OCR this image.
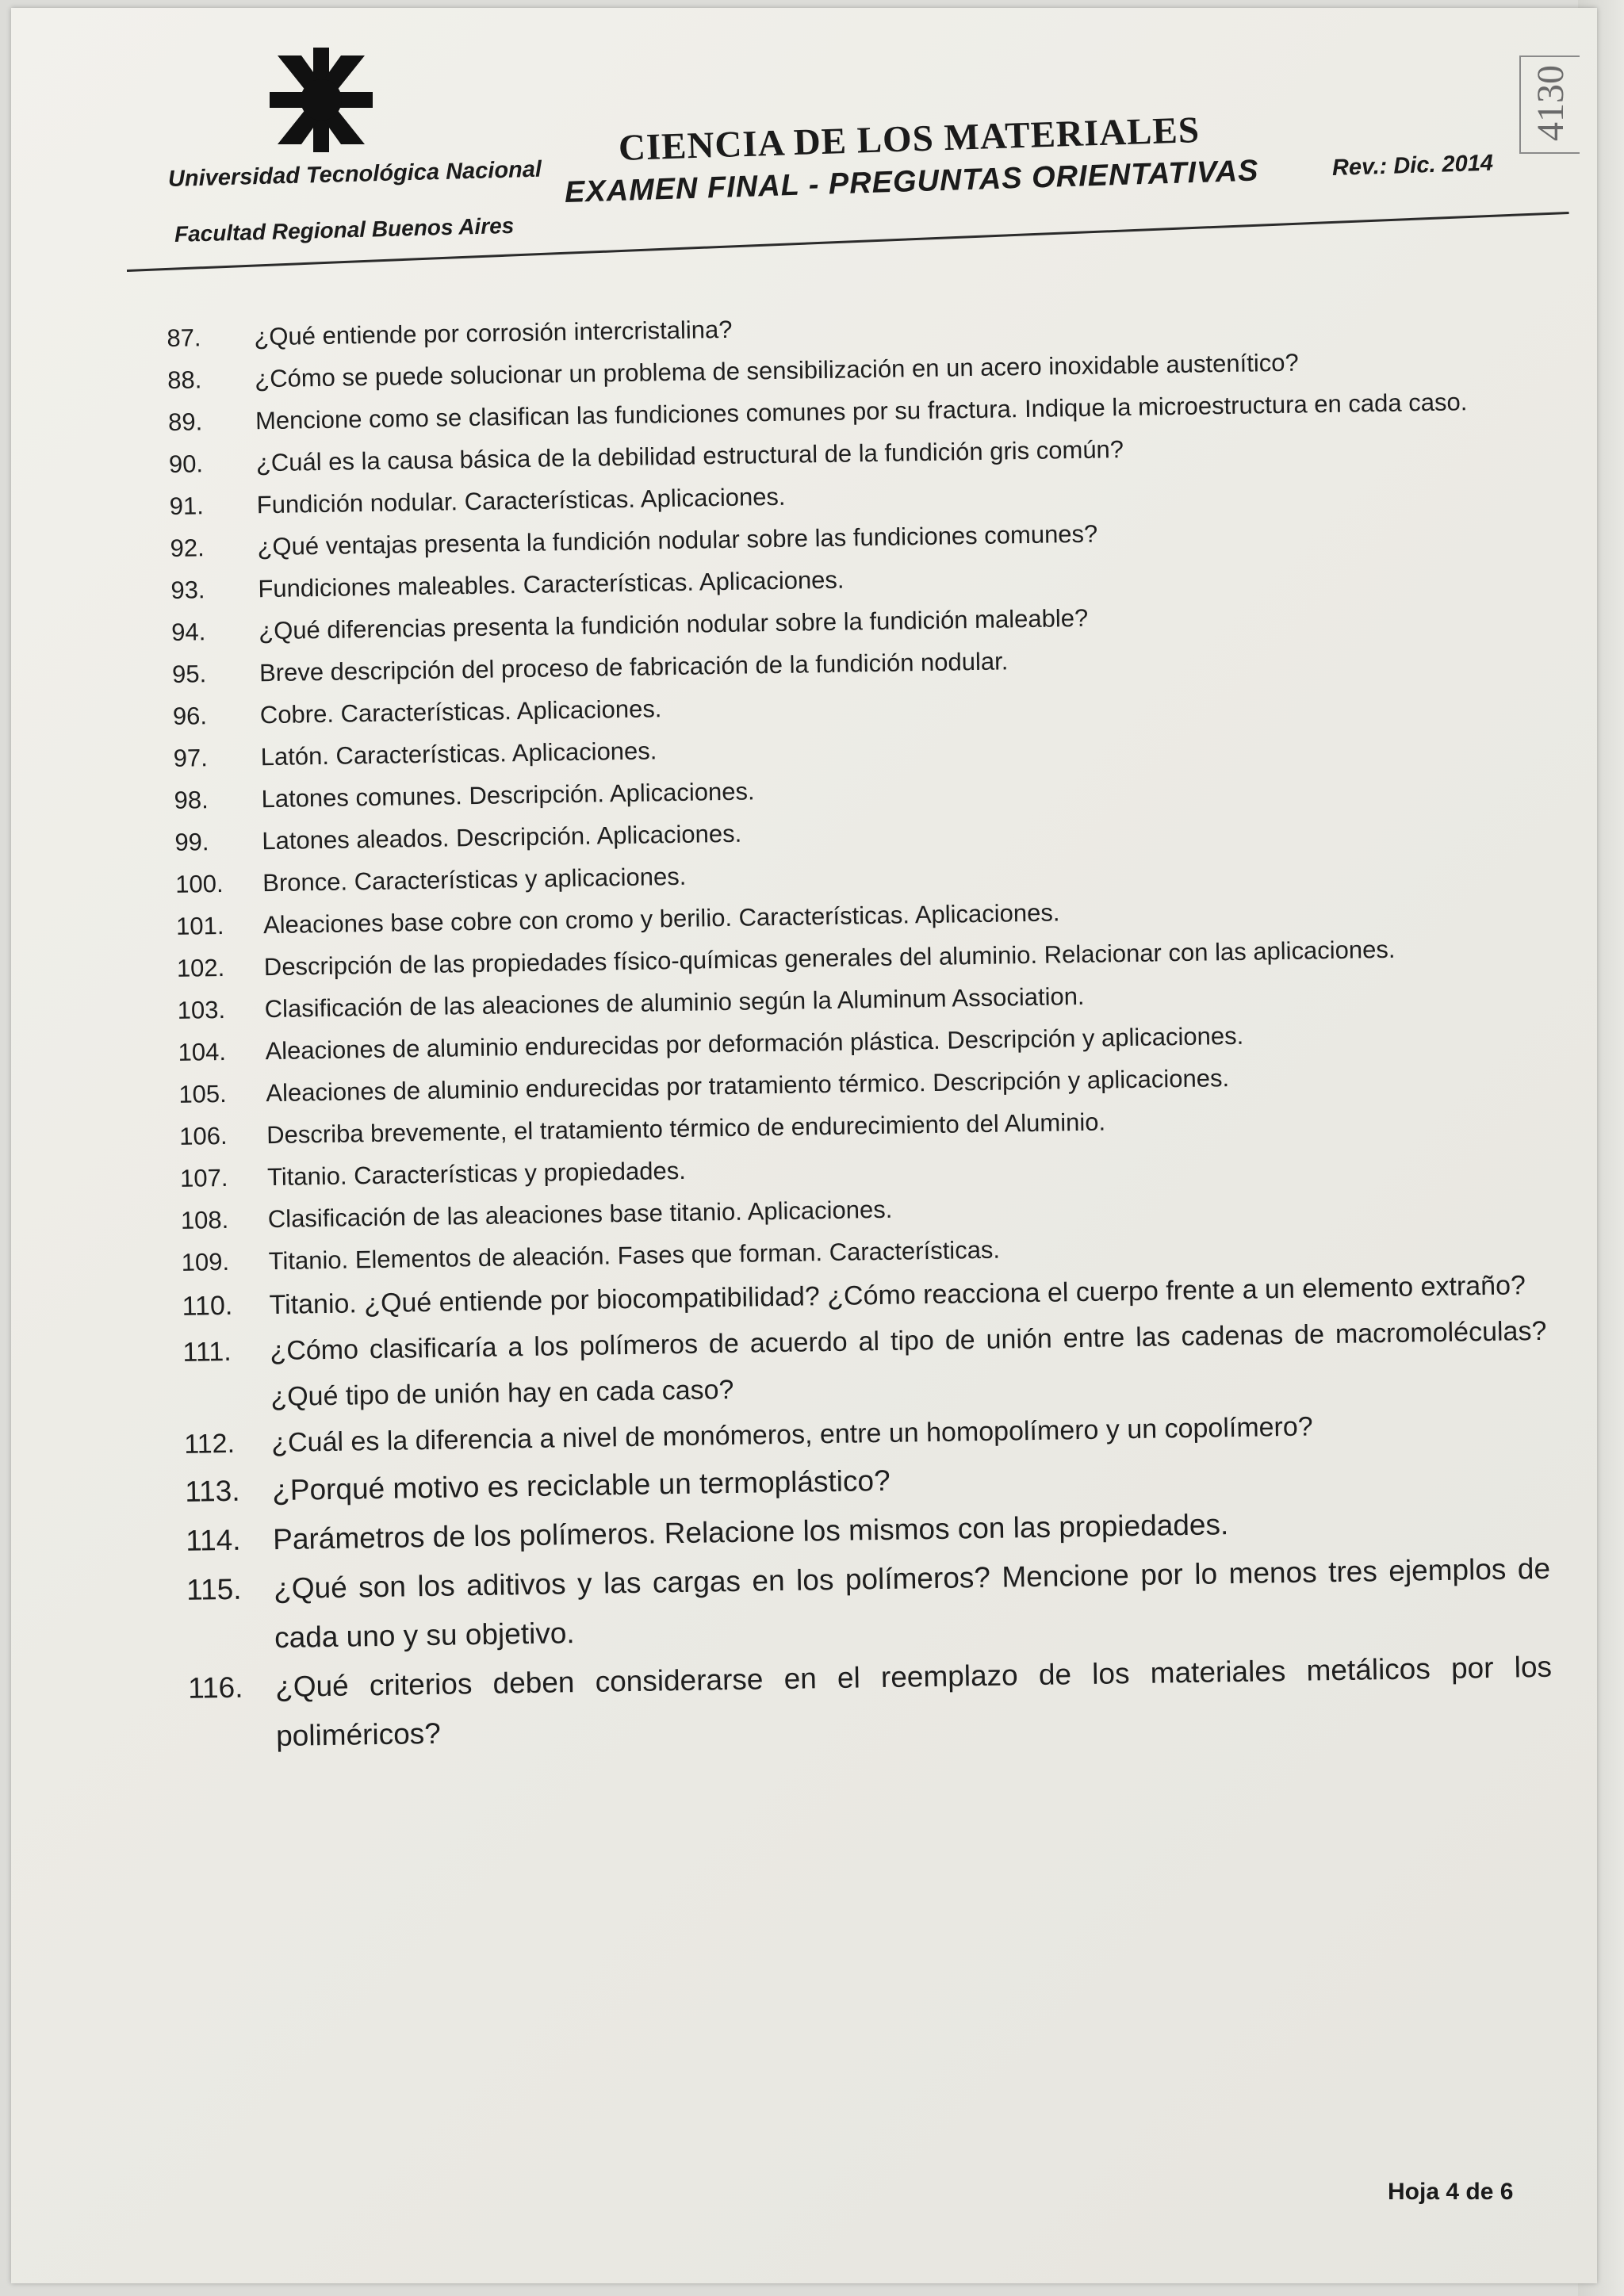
4130
Universidad Tecnológica Nacional
Facultad Regional Buenos Aires
CIENCIA DE LOS MATERIALES
EXAMEN FINAL - PREGUNTAS ORIENTATIVAS	Rev.: Dic. 2014
87.	¿Qué entiende por corrosión intercristalina?
88.	¿Cómo se puede solucionar un problema de sensibilización en un acero inoxidable austenítico?
89.	Mencione como se clasifican las fundiciones comunes por su fractura. Indique la microestructura en cada caso.
90.	¿Cuál es la causa básica de la debilidad estructural de la fundición gris común?
91.	Fundición nodular. Características. Aplicaciones.
92.	¿Qué ventajas presenta la fundición nodular sobre las fundiciones comunes?
93.	Fundiciones maleables. Características. Aplicaciones.
94.	¿Qué diferencias presenta la fundición nodular sobre la fundición maleable?
95.	Breve descripción del proceso de fabricación de la fundición nodular.
96.	Cobre. Características. Aplicaciones.
97.	Latón. Características. Aplicaciones.
98.	Latones comunes. Descripción. Aplicaciones.
99.	Latones aleados. Descripción. Aplicaciones.
100.	Bronce. Características y aplicaciones.
101.	Aleaciones base cobre con cromo y berilio. Características. Aplicaciones.
102.	Descripción de las propiedades físico-químicas generales del aluminio. Relacionar con las aplicaciones.
103.	Clasificación de las aleaciones de aluminio según la Aluminum Association.
104.	Aleaciones de aluminio endurecidas por deformación plástica. Descripción y aplicaciones.
105.	Aleaciones de aluminio endurecidas por tratamiento térmico. Descripción y aplicaciones.
106.	Describa brevemente, el tratamiento térmico de endurecimiento del Aluminio.
107.	Titanio. Características y propiedades.
108.	Clasificación de las aleaciones base titanio. Aplicaciones.
109.	Titanio. Elementos de aleación. Fases que forman. Características.
110.	Titanio. ¿Qué entiende por biocompatibilidad? ¿Cómo reacciona el cuerpo frente a un elemento extraño?
111.	¿Cómo clasificaría a los polímeros de acuerdo al tipo de unión entre las cadenas de macromoléculas? ¿Qué tipo de unión hay en cada caso?
112.	¿Cuál es la diferencia a nivel de monómeros, entre un homopolímero y un copolímero?
113.	¿Porqué motivo es reciclable un termoplástico?
114.	Parámetros de los polímeros. Relacione los mismos con las propiedades.
115.	¿Qué son los aditivos y las cargas en los polímeros? Mencione por lo menos tres ejemplos de cada uno y su objetivo.
116.	¿Qué criterios deben considerarse en el reemplazo de los materiales metálicos por los poliméricos?
Hoja 4 de 6
